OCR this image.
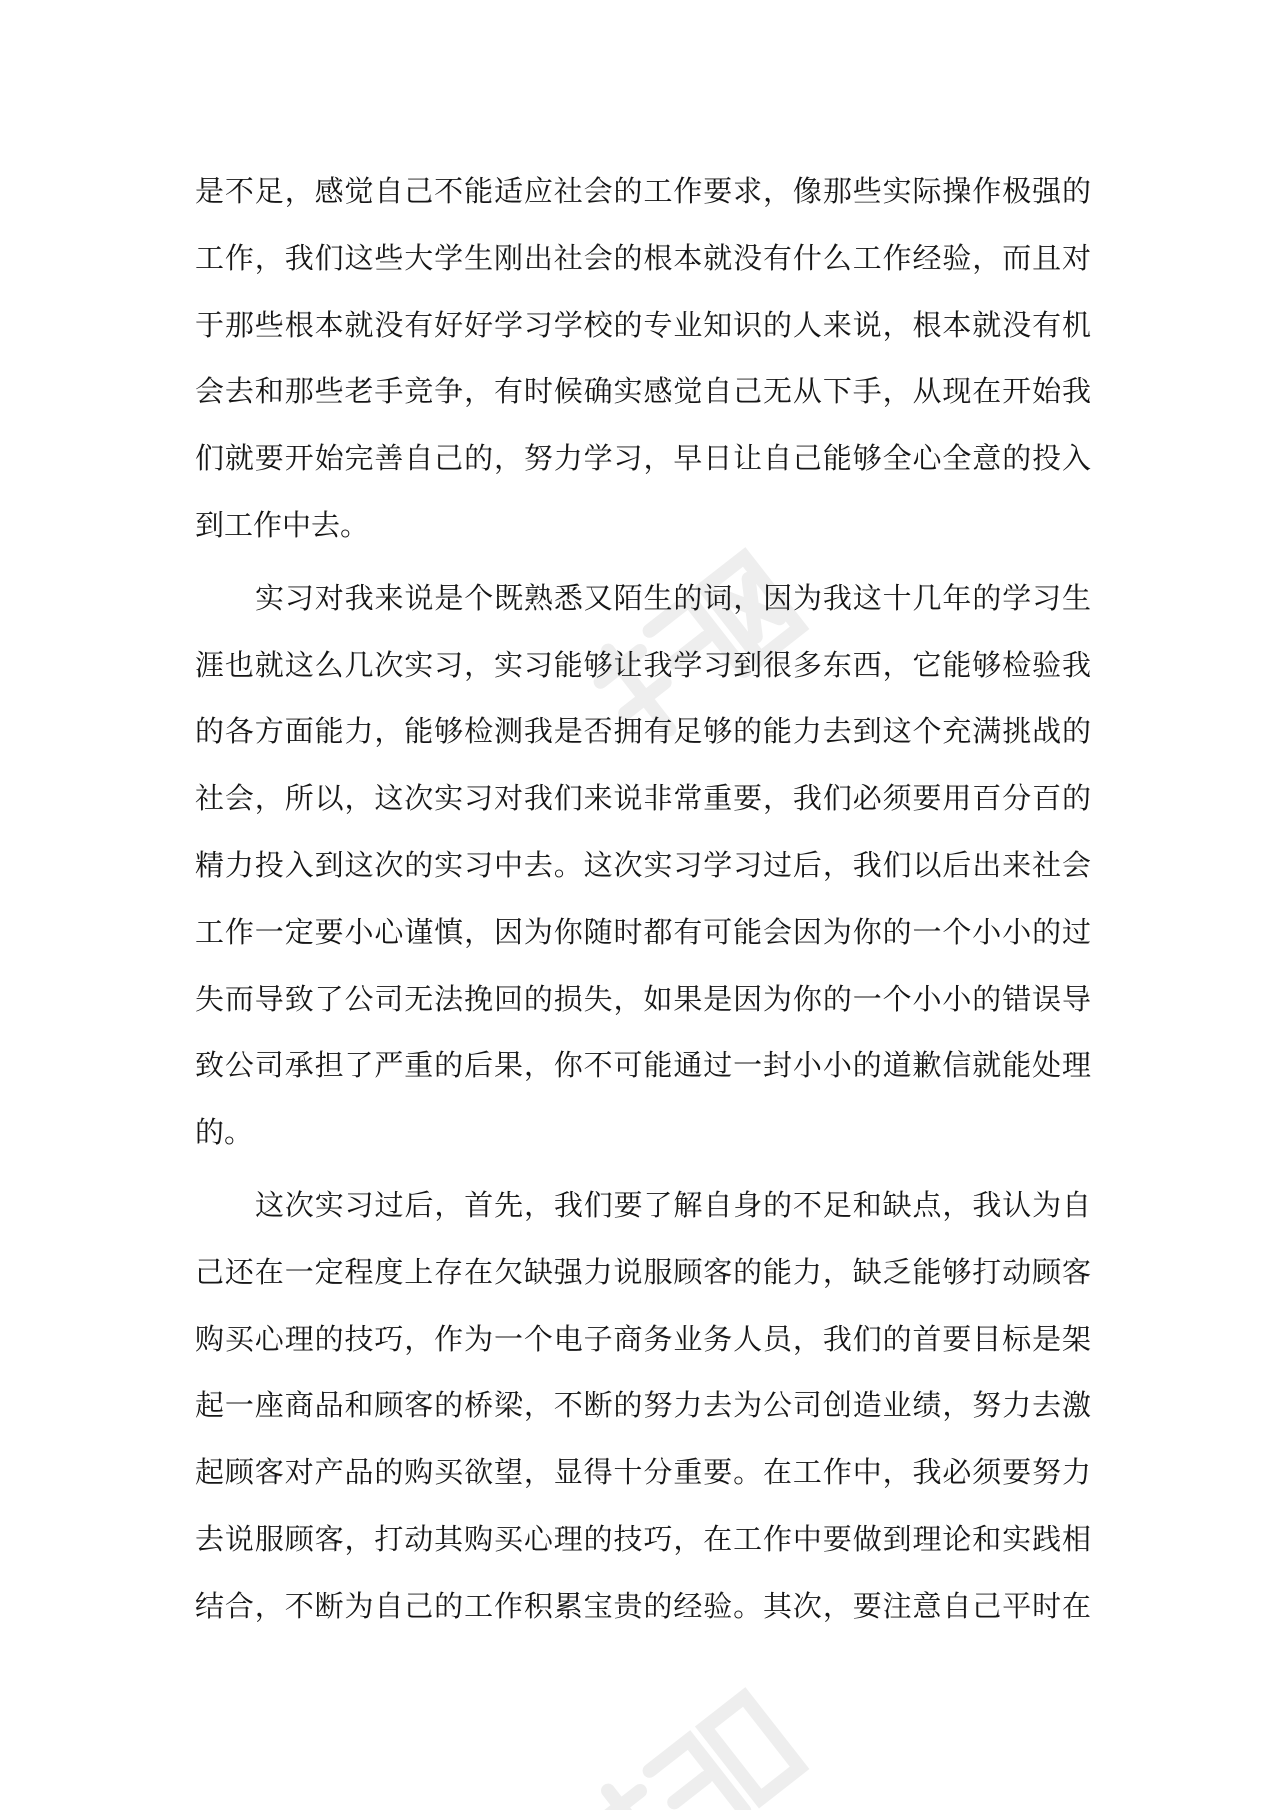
是不足，感觉自己不能适应社会的工作要求，像那些实际操作极强的
工作，我们这些大学生刚出社会的根本就没有什么工作经验，而且对
于那些根本就没有好好学习学校的专业知识的人来说，根本就没有机
会去和那些老手竞争，有时候确实感觉自己无从下手，从现在开始我
们就要开始完善自己的，努力学习，早日让自己能够全心全意的投入
到工作中去。
实习对我来说是个既熟悉又陌生的词，因为我这十几年的学习生
涯也就这么几次实习，实习能够让我学习到很多东西，它能够检验我
的各方面能力，能够检测我是否拥有足够的能力去到这个充满挑战的
社会，所以，这次实习对我们来说非常重要，我们必须要用百分百的
精力投入到这次的实习中去。这次实习学习过后，我们以后出来社会
工作一定要小心谨慎，因为你随时都有可能会因为你的一个小小的过
失而导致了公司无法挽回的损失，如果是因为你的一个小小的错误导
致公司承担了严重的后果，你不可能通过一封小小的道歉信就能处理
的。
这次实习过后，首先，我们要了解自身的不足和缺点，我认为自
己还在一定程度上存在欠缺强力说服顾客的能力，缺乏能够打动顾客
购买心理的技巧，作为一个电子商务业务人员，我们的首要目标是架
起一座商品和顾客的桥梁，不断的努力去为公司创造业绩，努力去激
起顾客对产品的购买欲望，显得十分重要。在工作中，我必须要努力
去说服顾客，打动其购买心理的技巧，在工作中要做到理论和实践相
结合，不断为自己的工作积累宝贵的经验。其次，要注意自己平时在
